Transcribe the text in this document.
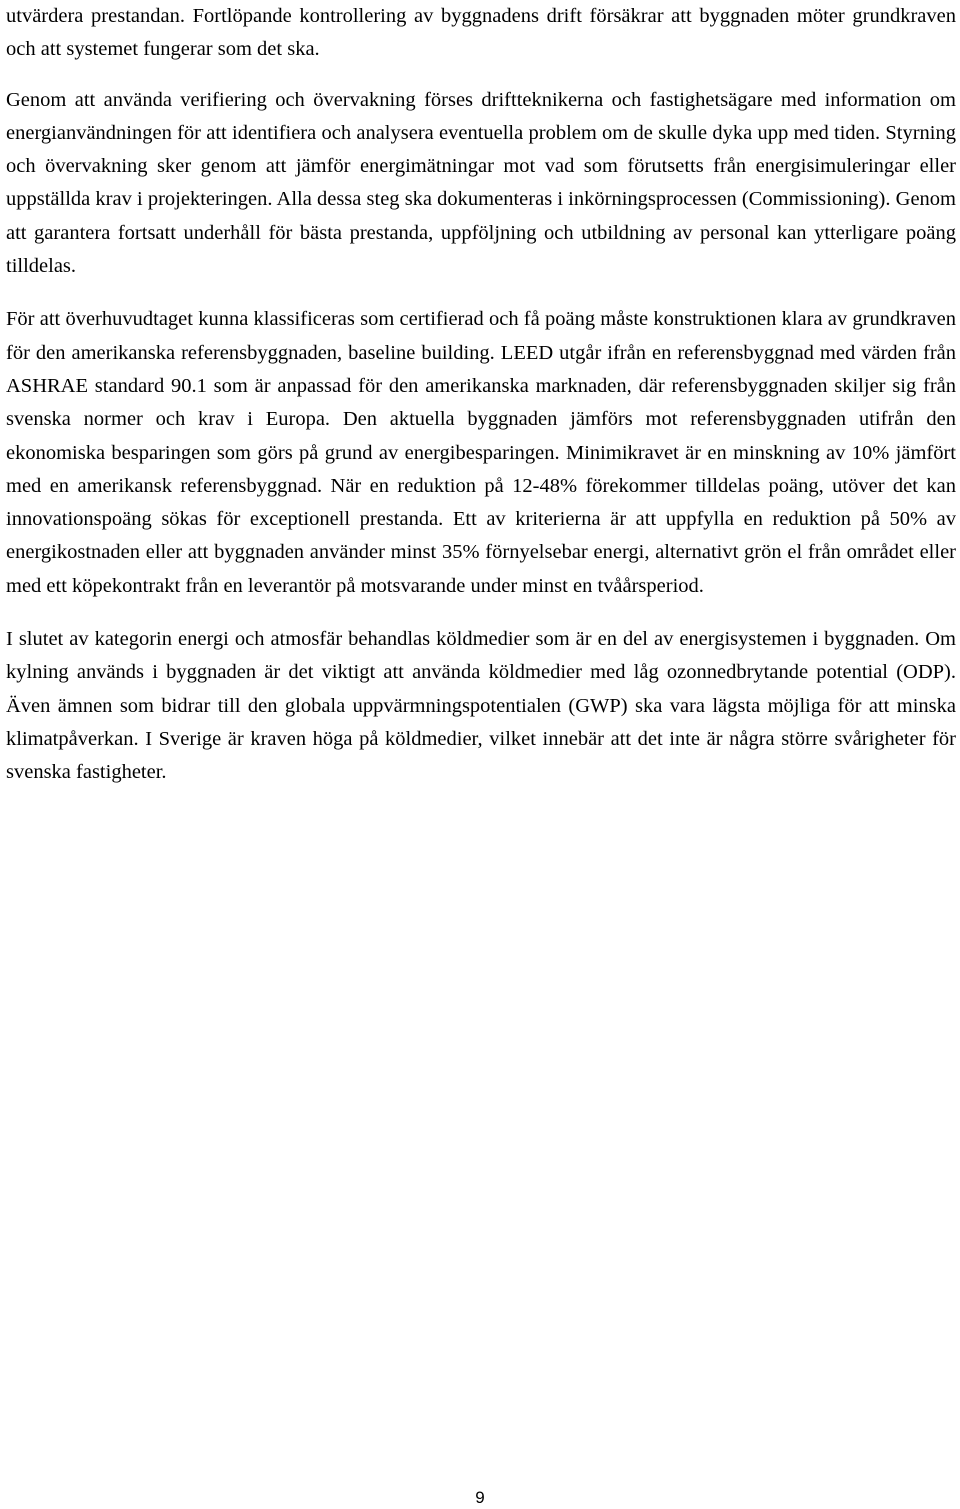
utvärdera prestandan. Fortlöpande kontrollering av byggnadens drift försäkrar att byggnaden möter grundkraven och att systemet fungerar som det ska.

Genom att använda verifiering och övervakning förses driftteknikerna och fastighetsägare med information om energianvändningen för att identifiera och analysera eventuella problem om de skulle dyka upp med tiden. Styrning och övervakning sker genom att jämför energimätningar mot vad som förutsetts från energisimuleringar eller uppställda krav i projekteringen. Alla dessa steg ska dokumenteras i inkörningsprocessen (Commissioning). Genom att garantera fortsatt underhåll för bästa prestanda, uppföljning och utbildning av personal kan ytterligare poäng tilldelas.

För att överhuvudtaget kunna klassificeras som certifierad och få poäng måste konstruktionen klara av grundkraven för den amerikanska referensbyggnaden, baseline building. LEED utgår ifrån en referensbyggnad med värden från ASHRAE standard 90.1 som är anpassad för den amerikanska marknaden, där referensbyggnaden skiljer sig från svenska normer och krav i Europa. Den aktuella byggnaden jämförs mot referensbyggnaden utifrån den ekonomiska besparingen som görs på grund av energibesparingen. Minimikravet är en minskning av 10% jämfört med en amerikansk referensbyggnad. När en reduktion på 12-48% förekommer tilldelas poäng, utöver det kan innovationspoäng sökas för exceptionell prestanda. Ett av kriterierna är att uppfylla en reduktion på 50% av energikostnaden eller att byggnaden använder minst 35% förnyelsebar energi, alternativt grön el från området eller med ett köpekontrakt från en leverantör på motsvarande under minst en tvåårsperiod.

I slutet av kategorin energi och atmosfär behandlas köldmedier som är en del av energisystemen i byggnaden. Om kylning används i byggnaden är det viktigt att använda köldmedier med låg ozonnedbrytande potential (ODP). Även ämnen som bidrar till den globala uppvärmningspotentialen (GWP) ska vara lägsta möjliga för att minska klimatpåverkan. I Sverige är kraven höga på köldmedier, vilket innebär att det inte är några större svårigheter för svenska fastigheter.

9
